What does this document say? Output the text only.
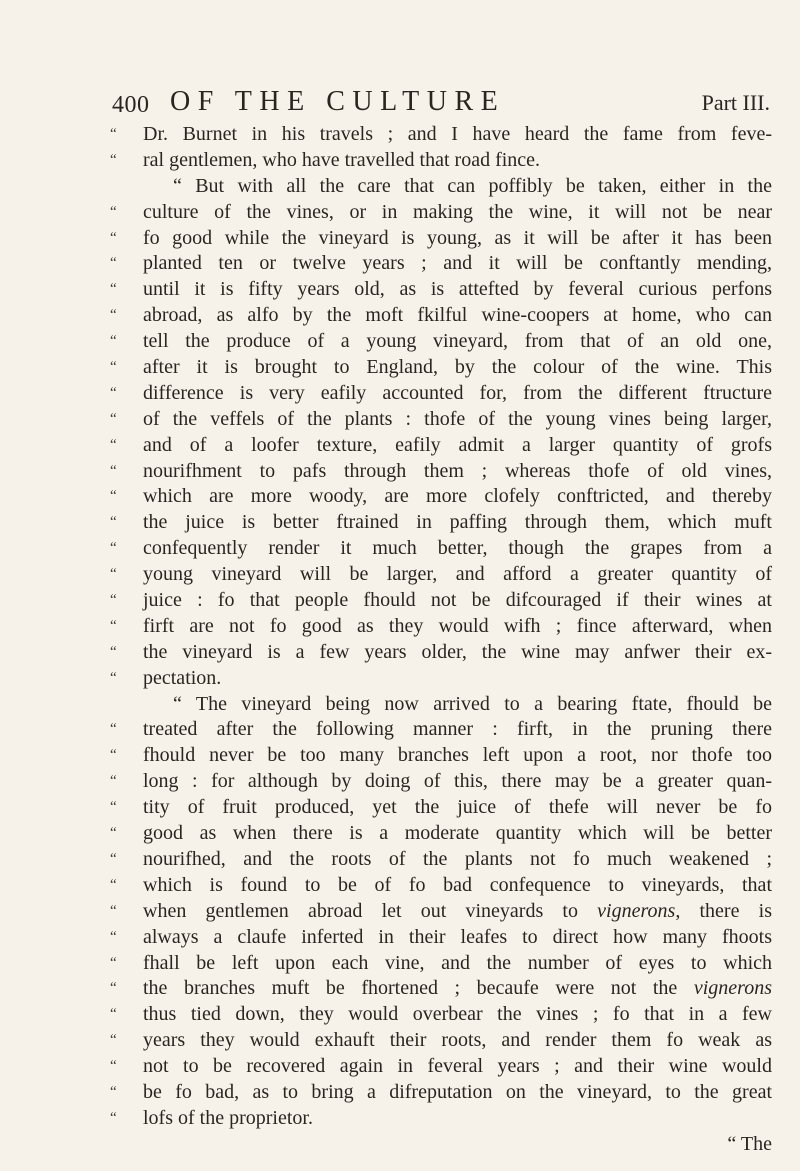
400 OF THE CULTURE	Part III.
“	Dr. Burnet in his travels ; and I have heard the fame from feve-
“	ral gentlemen, who have travelled that road fince.
“ But with all the care that can poffibly be taken, either in the
“	culture of the vines, or in making the wine, it will not be near
“	fo good while the vineyard is young, as it will be after it has been
“	planted ten or twelve years ; and it will be conftantly mending,
“	until it is fifty years old, as is attefted by feveral curious perfons
“	abroad, as alfo by the moft fkilful wine-coopers at home, who can
“	tell the produce of a young vineyard, from that of an old one,
“	after it is brought to England, by the colour of the wine. This
“	difference is very eafily accounted for, from the different ftructure
“	of the veffels of the plants : thofe of the young vines being larger,
“	and of a loofer texture, eafily admit a larger quantity of grofs
“	nourifhment to pafs through them ; whereas thofe of old vines,
“	which are more woody, are more clofely conftricted, and thereby
“	the juice is better ftrained in paffing through them, which muft
“	confequently render it much better, though the grapes from a
“	young vineyard will be larger, and afford a greater quantity of
“	juice : fo that people fhould not be difcouraged if their wines at
“	firft are not fo good as they would wifh ; fince afterward, when
“	the vineyard is a few years older, the wine may anfwer their ex-
“	pectation.
“ The vineyard being now arrived to a bearing ftate, fhould be
“	treated after the following manner : firft, in the pruning there
“	fhould never be too many branches left upon a root, nor thofe too
“	long : for although by doing of this, there may be a greater quan-
“	tity of fruit produced, yet the juice of thefe will never be fo
“	good as when there is a moderate quantity which will be better
“	nourifhed, and the roots of the plants not fo much weakened ;
“	which is found to be of fo bad confequence to vineyards, that
“	when gentlemen abroad let out vineyards to vignerons, there is
“	always a claufe inferted in their leafes to direct how many fhoots
“	fhall be left upon each vine, and the number of eyes to which
“	the branches muft be fhortened ; becaufe were not the vignerons
“	thus tied down, they would overbear the vines ; fo that in a few
“	years they would exhauft their roots, and render them fo weak as
“	not to be recovered again in feveral years ; and their wine would
“	be fo bad, as to bring a difreputation on the vineyard, to the great
“	lofs of the proprietor.
“ The
